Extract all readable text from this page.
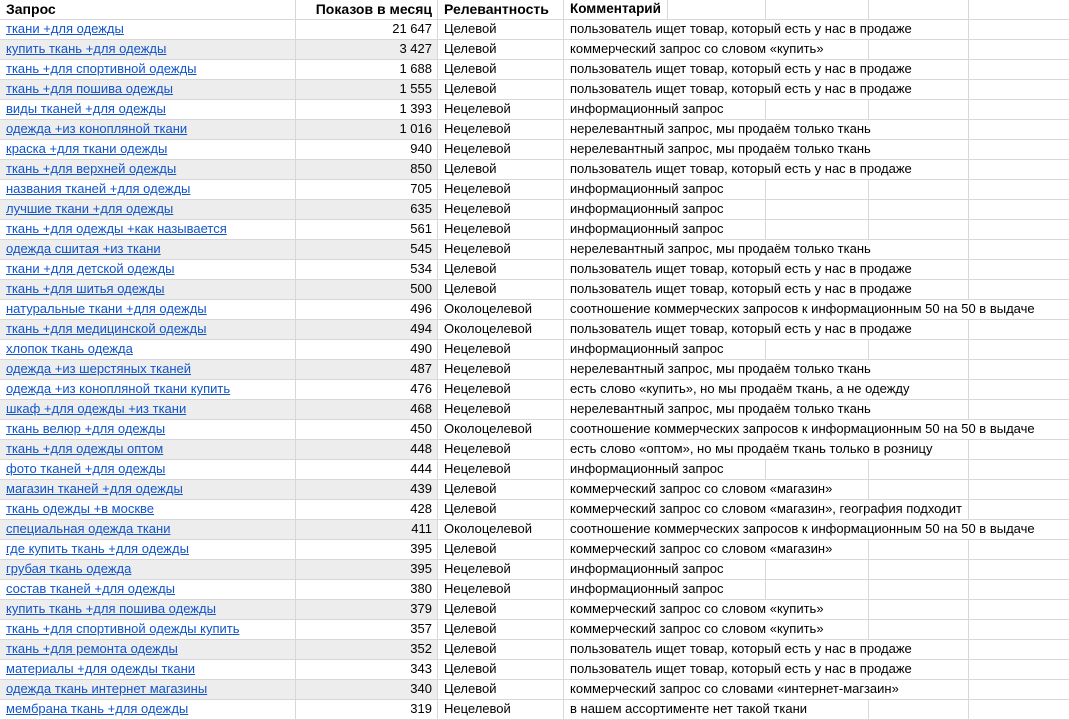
Запрос	Показов в месяц Релевантность	Комментарий
ткани +для одежды	21 647 Целевой	пользователь ищет товар, который есть у нас в продаже
купить ткань +для одежды	3 427 Целевой	коммерческий запрос со словом «купить»
ткань +для спортивной одежды	1 688 Целевой	пользователь ищет товар, который есть у нас в продаже
ткань +для пошива одежды	1 555 Целевой	пользователь ищет товар, который есть у нас в продаже
виды тканей +для одежды	1 393 Нецелевой	информационный запрос
одежда +из конопляной ткани	1 016 Нецелевой	нерелевантный запрос, мы продаём только ткань
краска +для ткани одежды	940 Нецелевой	нерелевантный запрос, мы продаём только ткань
ткань +для верхней одежды	850 Целевой	пользователь ищет товар, который есть у нас в продаже
названия тканей +для одежды	705 Нецелевой	информационный запрос
лучшие ткани +для одежды	635 Нецелевой	информационный запрос
ткань +для одежды +как называется	561 Нецелевой	информационный запрос
одежда сшитая +из ткани	545 Нецелевой	нерелевантный запрос, мы продаём только ткань
ткани +для детской одежды	534 Целевой	пользователь ищет товар, который есть у нас в продаже
ткань +для шитья одежды	500 Целевой	пользователь ищет товар, который есть у нас в продаже
натуральные ткани +для одежды	496 Околоцелевой	соотношение коммерческих запросов к информационным 50 на 50 в выдаче
ткань +для медицинской одежды	494 Околоцелевой	пользователь ищет товар, который есть у нас в продаже
хлопок ткань одежда	490 Нецелевой	информационный запрос
одежда +из шерстяных тканей	487 Нецелевой	нерелевантный запрос, мы продаём только ткань
одежда +из конопляной ткани купить	476 Нецелевой	есть слово «купить», но мы продаём ткань, а не одежду
шкаф +для одежды +из ткани	468 Нецелевой	нерелевантный запрос, мы продаём только ткань
ткань велюр +для одежды	450 Околоцелевой	соотношение коммерческих запросов к информационным 50 на 50 в выдаче
ткань +для одежды оптом	448 Нецелевой	есть слово «оптом», но мы продаём ткань только в розницу
фото тканей +для одежды	444 Нецелевой	информационный запрос
магазин тканей +для одежды	439 Целевой	коммерческий запрос со словом «магазин»
ткань одежды +в москве	428 Целевой	коммерческий запрос со словом «магазин», география подходит
специальная одежда ткани	411 Околоцелевой	соотношение коммерческих запросов к информационным 50 на 50 в выдаче
где купить ткань +для одежды	395 Целевой	коммерческий запрос со словом «магазин»
грубая ткань одежда	395 Нецелевой	информационный запрос
состав тканей +для одежды	380 Нецелевой	информационный запрос
купить ткань +для пошива одежды	379 Целевой	коммерческий запрос со словом «купить»
ткань +для спортивной одежды купить	357 Целевой	коммерческий запрос со словом «купить»
ткань +для ремонта одежды	352 Целевой	пользователь ищет товар, который есть у нас в продаже
материалы +для одежды ткани	343 Целевой	пользователь ищет товар, который есть у нас в продаже
одежда ткань интернет магазины	340 Целевой	коммерческий запрос со словами «интернет-магзаин»
мембрана ткань +для одежды	319 Нецелевой	в нашем ассортименте нет такой ткани
